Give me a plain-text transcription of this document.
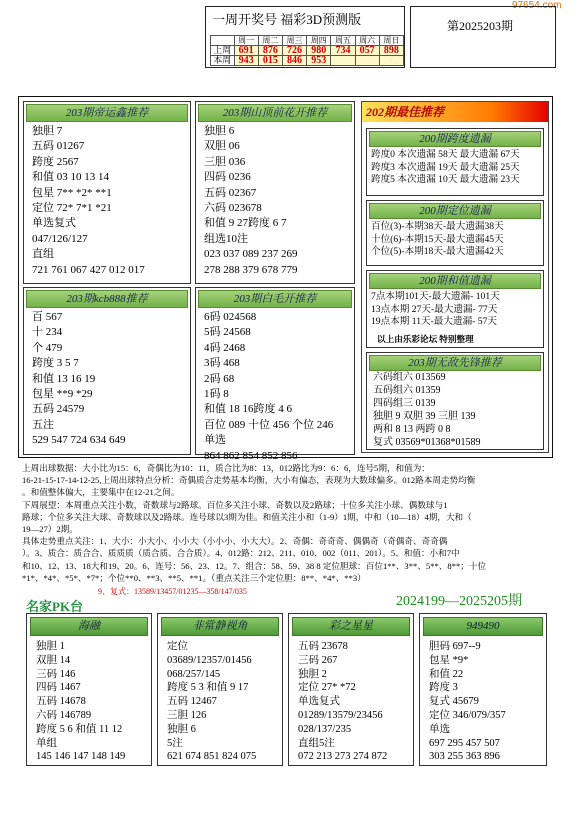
97654.com
一周开奖号 福彩3D预测版
	周一	周二	周三	周四	周五	周六	周日
上周	691	876	726	980	734	057	898
本周	943	015	846	953			
第2025203期
203期帝运鑫推荐
独胆 7
五码 01267
跨度 2567
和值 03 10 13 14
包星 7** *2* **1
定位 72* 7*1 *21
单选复式
047/126/127
直组
721 761 067 427 012 017
203期山顶前花开推荐
独胆 6
双胆 06
三胆 036
四码 0236
五码 02367
六码 023678
和值 9 27跨度 6 7
组选10注
023 037 089 237 269
278 288 379 678 779
203期kcb888推荐
百 567
十 234
个 479
跨度 3 5 7
和值 13 16 19
包星 **9 *29
五码 24579
五注
529 547 724 634 649
203期白毛开推荐
6码 024568
5码 24568
4码 2468
3码 468
2码 68
1码 8
和值 18 16跨度 4 6
百位 089 十位 456 个位 246
单选
864 862 854 852 856
202期最佳推荐
200期跨度遗漏
跨度0 本次遗漏 58天 最大遗漏 67天
跨度3 本次遗漏 19天 最大遗漏 25天
跨度5 本次遗漏 10天 最大遗漏 23天
200期定位遗漏
百位(3)-本期38天-最大遗漏38天
十位(6)-本期15天-最大遗漏45天
个位(5)-本期18天-最大遗漏42天
200期和值遗漏
7点本期101天-最大遗漏- 101天
13点本期 27天-最大遗漏- 77天
19点本期 11天-最大遗漏- 57天
以上由乐彩论坛 特别整理
203期无敌先锋推荐
六码组六 013569
五码组六 01359
四码组三 0139
独胆 9 双胆 39 三胆 139
两和 8 13 两跨 0 8
复式 03569*01368*01589

上周出球数据：大小比为15：6，奇偶比为10：11，质合比为8：13，012路比为9：6：6，连号5期，和值为：

16-21-15-17-14-12-25,上周出球特点分析：奇偶质合走势基本均衡，大小有偏态，表现为大数球偏多。012路本周走势均衡

。和值整体偏大，主要集中在12-21之间。

下周展望：本周重点关注小数，奇数球与2路球。百位多关注小球、奇数以及2路球；十位多关注小球、偶数球与1

路球；个位多关注大球、奇数球以及2路球。连号球以3期为佳。和值关注小和（1-9）1期，中和（10—18）4期，大和（

19—27）2期。

具体走势重点关注：1、大小：小大小、小小大（小小小、小大大）。2、奇偶：奇奇奇、偶偶奇（奇偶奇、奇奇偶

）。3、质合：质合合、质质质（质合质、合合质）。4、012路：212、211、010、002（011、201）。5、和值：小和7中

和10、12、13、18大和19、20。6、连号：56、23、12。7、组合：58、59、38 8 定位胆球：百位1**、3**、5**、8**；十位

*1*、*4*、*5*、*7*；个位**0、**3、**5、**1。（重点关注三个定位胆：8**、*4*、**3）

9、复式：13589/13457/01235—358/147/035
名家PK台	2024199—2025205期
海融
独胆 1
双胆 14
三码 146
四码 1467
五码 14678
六码 146789
跨度 5 6 和值 11 12
单组
145 146 147 148 149
非常静视角
定位
03689/12357/01456
068/257/145
跨度 5 3 和值 9 17
五码 12467
三胆 126
独胆 6
5注
621 674 851 824 075
彩之星星
五码 23678
三码 267
独胆 2
定位 27* *72
单选复式
01289/13579/23456
028/137/235
直组5注
072 213 273 274 872
949490
胆码 697--9
包星 *9*
和值 22
跨度 3
复式 45679
定位 346/079/357
单选
697 295 457 507
303 255 363 896
